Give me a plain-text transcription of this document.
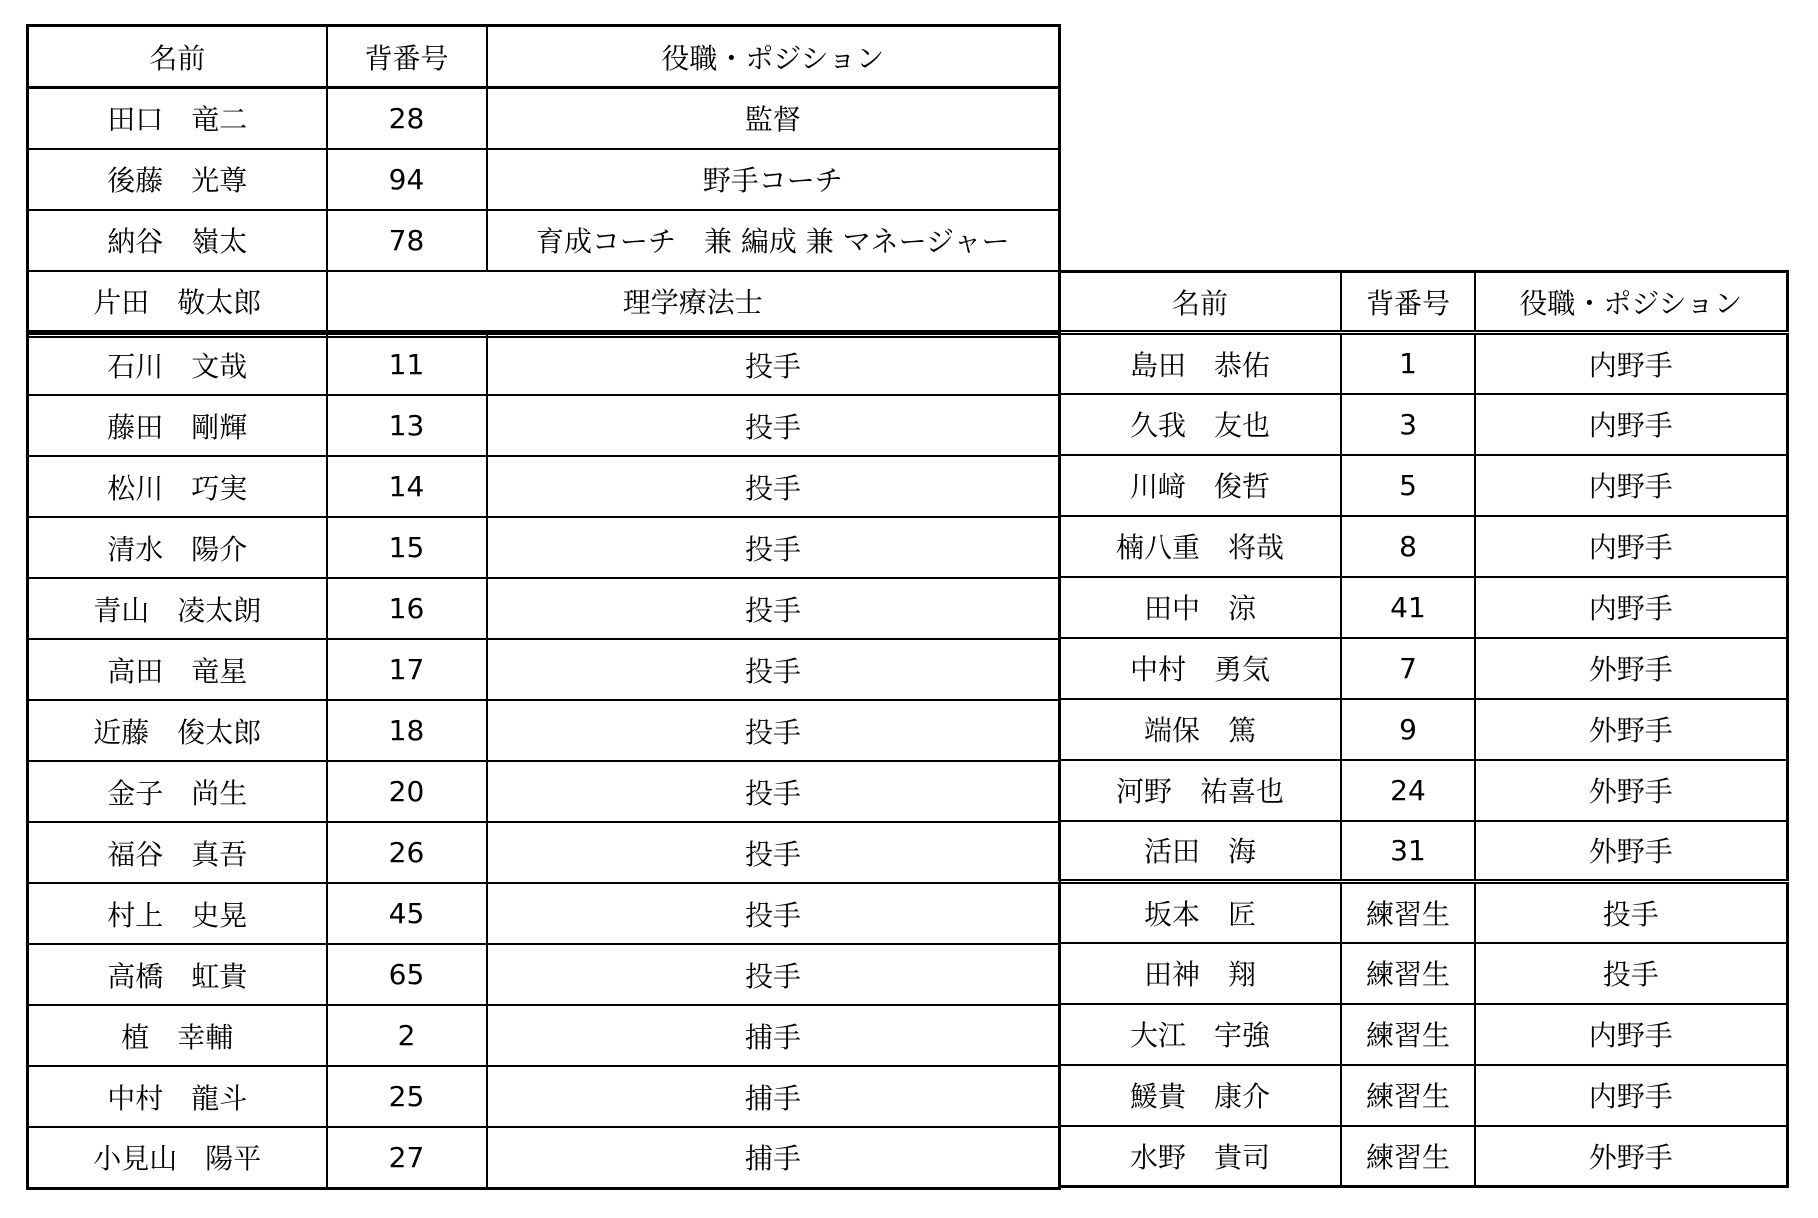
名前	背番号	役職・ポジション
田口　竜二	28	監督
後藤　光尊	94	野手コーチ
納谷　嶺太	78	育成コーチ　兼 編成 兼 マネージャー
片田　敬太郎	理学療法士	
石川　文哉	11	投手
藤田　剛輝	13	投手
松川　巧実	14	投手
清水　陽介	15	投手
青山　凌太朗	16	投手
高田　竜星	17	投手
近藤　俊太郎	18	投手
金子　尚生	20	投手
福谷　真吾	26	投手
村上　史晃	45	投手
高橋　虹貴	65	投手
植　幸輔	2	捕手
中村　龍斗	25	捕手
小見山　陽平	27	捕手
名前	背番号	役職・ポジション
島田　恭佑	1	内野手
久我　友也	3	内野手
川﨑　俊哲	5	内野手
楠八重　将哉	8	内野手
田中　涼	41	内野手
中村　勇気	7	外野手
端保　篤	9	外野手
河野　祐喜也	24	外野手
活田　海	31	外野手
坂本　匠	練習生	投手
田神　翔	練習生	投手
大江　宇強	練習生	内野手
鰀貴　康介	練習生	内野手
水野　貴司	練習生	外野手
